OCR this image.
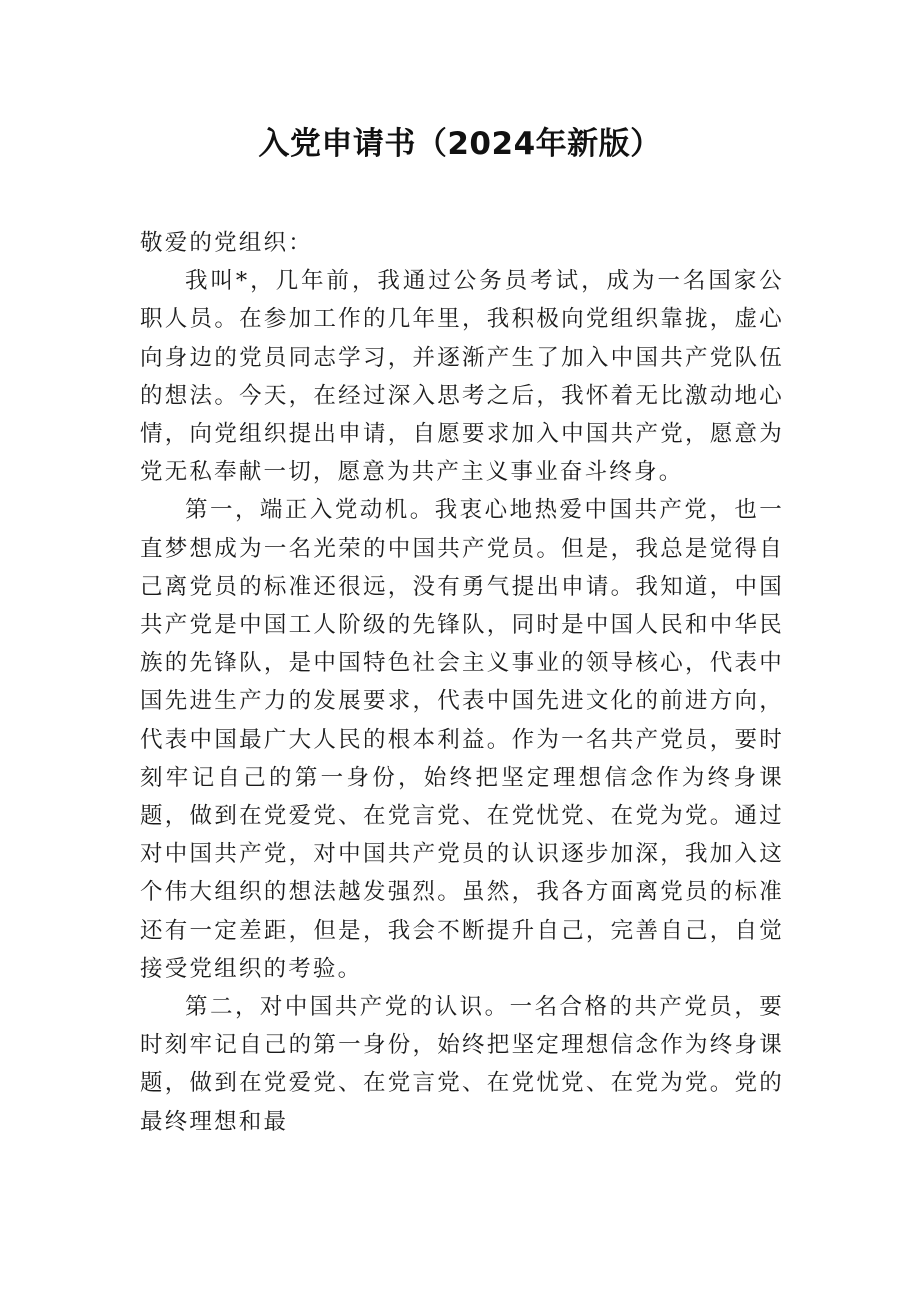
入党申请书（2024年新版）

敬爱的党组织：

我叫*，几年前，我通过公务员考试，成为一名国家公职人员。在参加工作的几年里，我积极向党组织靠拢，虚心向身边的党员同志学习，并逐渐产生了加入中国共产党队伍的想法。今天，在经过深入思考之后，我怀着无比激动地心情，向党组织提出申请，自愿要求加入中国共产党，愿意为党无私奉献一切，愿意为共产主义事业奋斗终身。

第一，端正入党动机。我衷心地热爱中国共产党，也一直梦想成为一名光荣的中国共产党员。但是，我总是觉得自己离党员的标准还很远，没有勇气提出申请。我知道，中国共产党是中国工人阶级的先锋队，同时是中国人民和中华民族的先锋队，是中国特色社会主义事业的领导核心，代表中国先进生产力的发展要求，代表中国先进文化的前进方向，代表中国最广大人民的根本利益。作为一名共产党员，要时刻牢记自己的第一身份，始终把坚定理想信念作为终身课题，做到在党爱党、在党言党、在党忧党、在党为党。通过对中国共产党，对中国共产党员的认识逐步加深，我加入这个伟大组织的想法越发强烈。虽然，我各方面离党员的标准还有一定差距，但是，我会不断提升自己，完善自己，自觉接受党组织的考验。

第二，对中国共产党的认识。一名合格的共产党员，要时刻牢记自己的第一身份，始终把坚定理想信念作为终身课题，做到在党爱党、在党言党、在党忧党、在党为党。党的最终理想和最
